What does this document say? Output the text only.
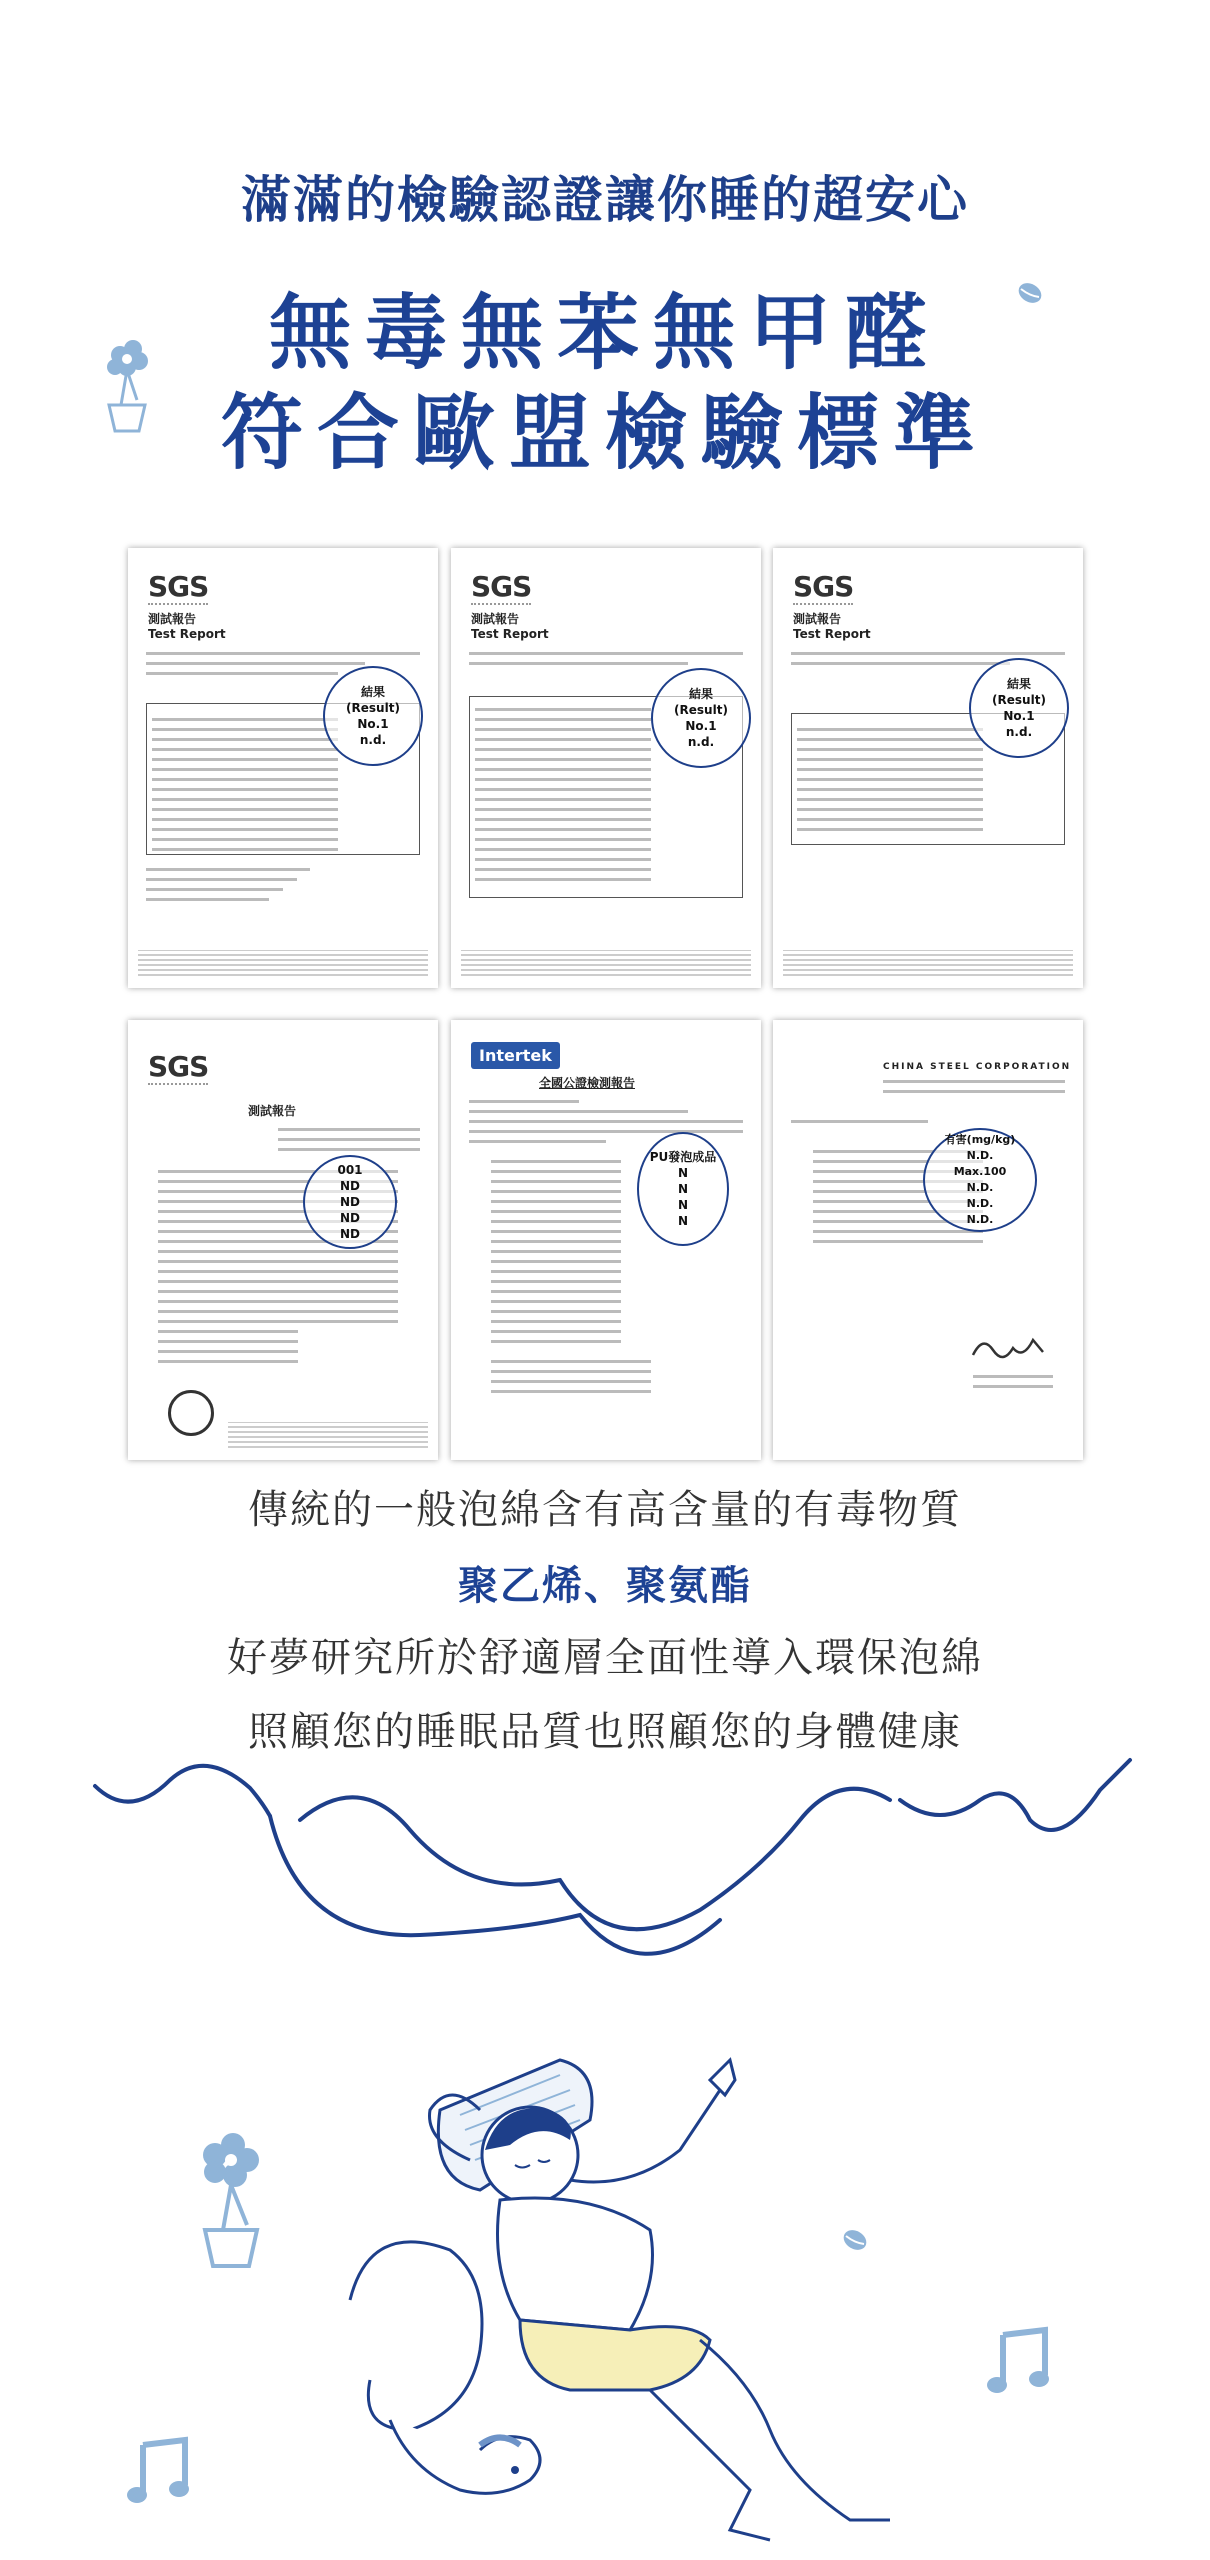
滿滿的檢驗認證讓你睡的超安心
無毒無苯無甲醛
符合歐盟檢驗標準
SGS
測試報告
Test Report
結果
(Result)
No.1
n.d.
SGS
測試報告
Test Report
結果
(Result)
No.1
n.d.
SGS
測試報告
Test Report
結果
(Result)
No.1
n.d.
SGS
測試報告
001
ND
ND
ND
ND
Intertek
全國公證檢測報告
PU發泡成品
N
N
N
N
CHINA STEEL CORPORATION
有害(mg/kg)
N.D.
Max.100
N.D.
N.D.
N.D.
傳統的一般泡綿含有高含量的有毒物質
聚乙烯、聚氨酯
好夢研究所於舒適層全面性導入環保泡綿
照顧您的睡眠品質也照顧您的身體健康
